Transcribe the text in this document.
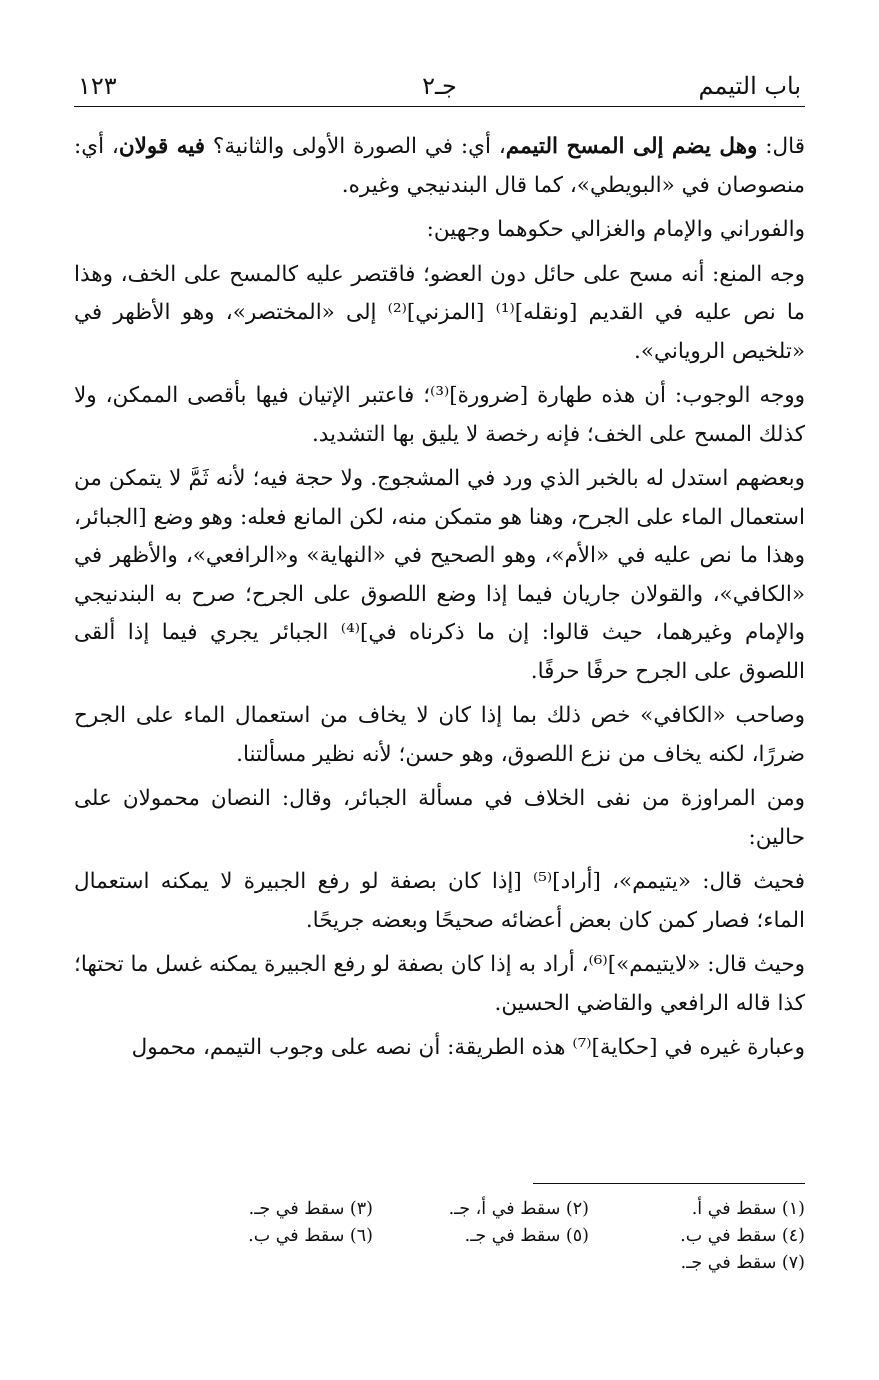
باب التيمم
جـ٢
١٢٣

قال: وهل يضم إلى المسح التيمم، أي: في الصورة الأولى والثانية؟ فيه قولان، أي: منصوصان في «البويطي»، كما قال البندنيجي وغيره.

والفوراني والإمام والغزالي حكوهما وجهين:

وجه المنع: أنه مسح على حائل دون العضو؛ فاقتصر عليه كالمسح على الخف، وهذا ما نص عليه في القديم [ونقله]⁽¹⁾ [المزني]⁽²⁾ إلى «المختصر»، وهو الأظهر في «تلخيص الروياني».

ووجه الوجوب: أن هذه طهارة [ضرورة]⁽³⁾؛ فاعتبر الإتيان فيها بأقصى الممكن، ولا كذلك المسح على الخف؛ فإنه رخصة لا يليق بها التشديد.

وبعضهم استدل له بالخبر الذي ورد في المشجوج. ولا حجة فيه؛ لأنه ثَمَّ لا يتمكن من استعمال الماء على الجرح، وهنا هو متمكن منه، لكن المانع فعله: وهو وضع [الجبائر، وهذا ما نص عليه في «الأم»، وهو الصحيح في «النهاية» و«الرافعي»، والأظهر في «الكافي»، والقولان جاريان فيما إذا وضع اللصوق على الجرح؛ صرح به البندنيجي والإمام وغيرهما، حيث قالوا: إن ما ذكرناه في]⁽⁴⁾ الجبائر يجري فيما إذا ألقى اللصوق على الجرح حرفًا حرفًا.

وصاحب «الكافي» خص ذلك بما إذا كان لا يخاف من استعمال الماء على الجرح ضررًا، لكنه يخاف من نزع اللصوق، وهو حسن؛ لأنه نظير مسألتنا.

ومن المراوزة من نفى الخلاف في مسألة الجبائر، وقال: النصان محمولان على حالين:

فحيث قال: «يتيمم»، [أراد]⁽⁵⁾ [إذا كان بصفة لو رفع الجبيرة لا يمكنه استعمال الماء؛ فصار كمن كان بعض أعضائه صحيحًا وبعضه جريحًا.

وحيث قال: «لايتيمم»]⁽⁶⁾، أراد به إذا كان بصفة لو رفع الجبيرة يمكنه غسل ما تحتها؛ كذا قاله الرافعي والقاضي الحسين.

وعبارة غيره في [حكاية]⁽⁷⁾ هذه الطريقة: أن نصه على وجوب التيمم، محمول

(١) سقط في أ.
(٢) سقط في أ، جـ.
(٣) سقط في جـ.
(٤) سقط في ب.
(٥) سقط في جـ.
(٦) سقط في ب.
(٧) سقط في جـ.
